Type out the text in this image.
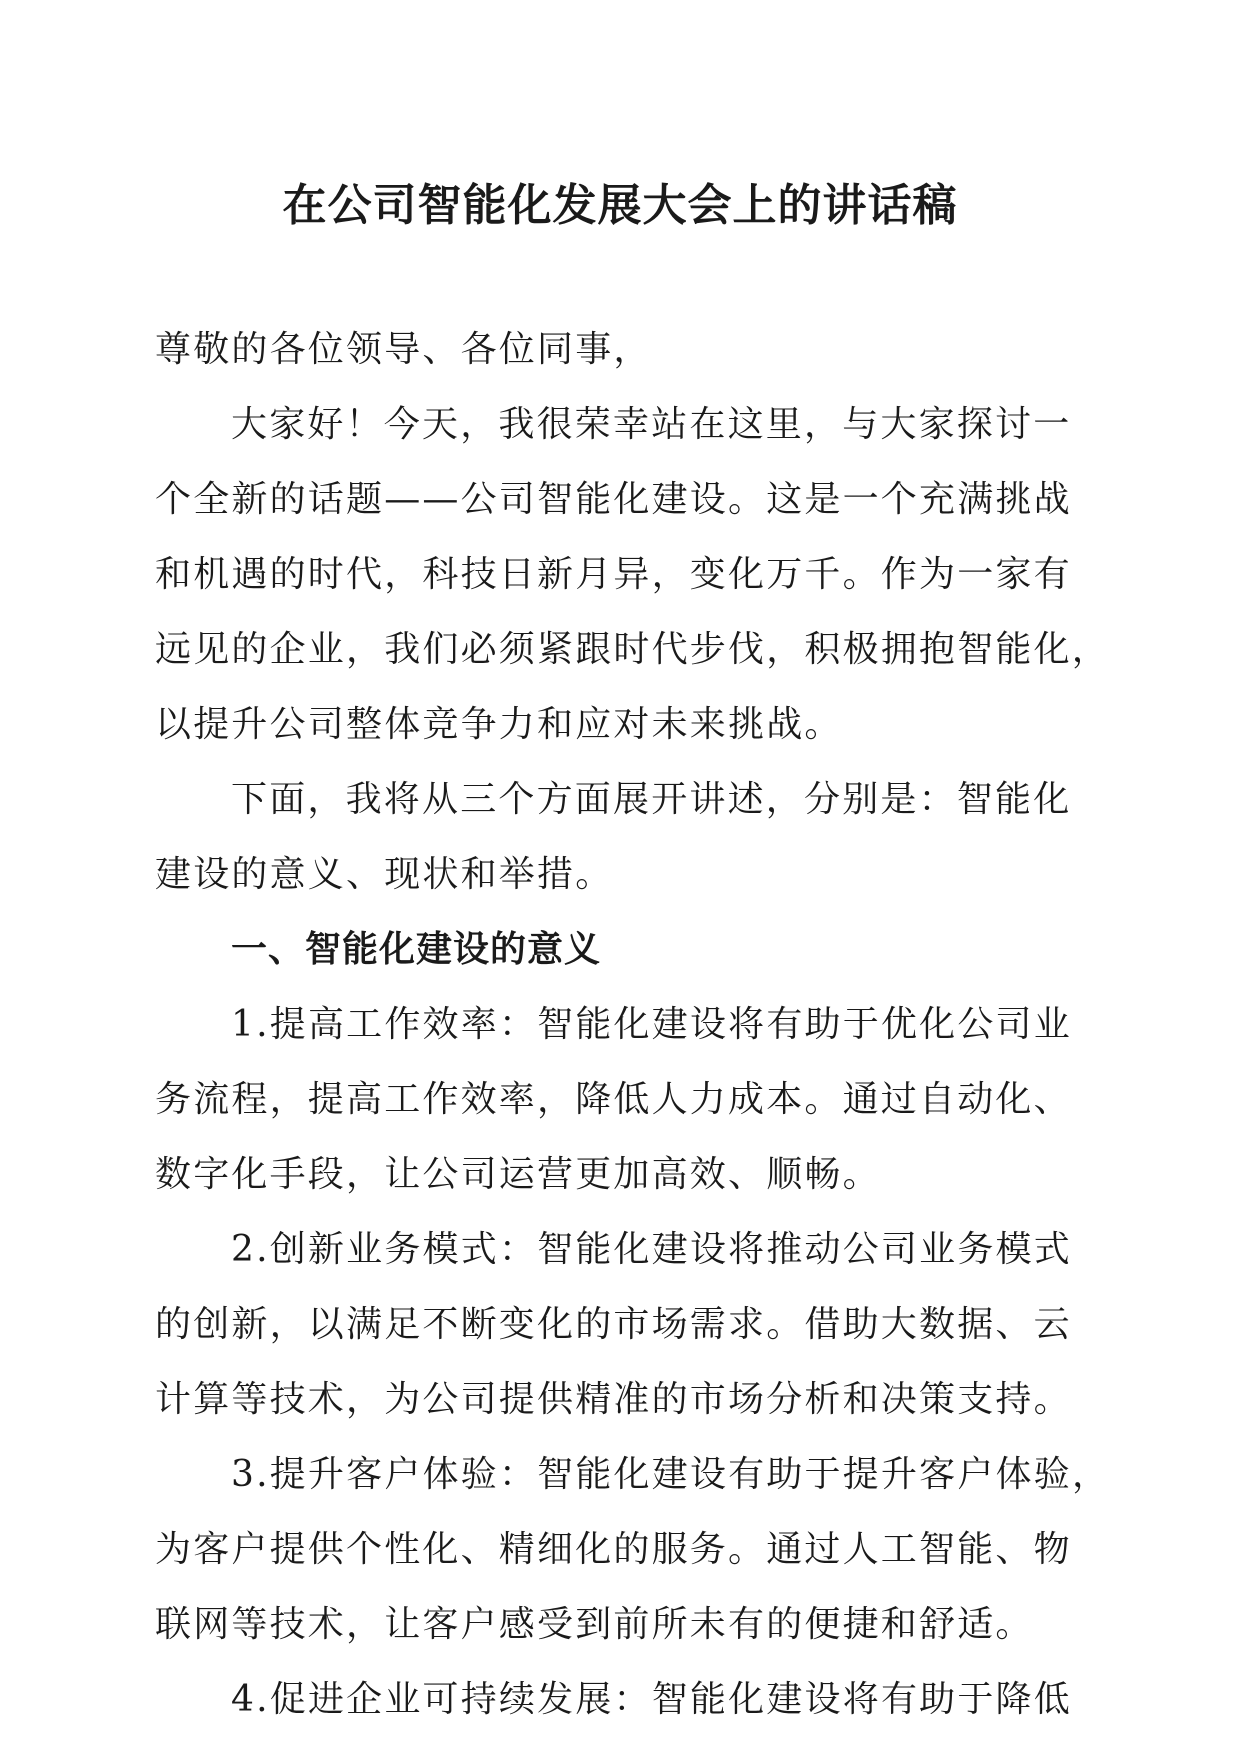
在公司智能化发展大会上的讲话稿
尊敬的各位领导、各位同事，
大家好！今天，我很荣幸站在这里，与大家探讨一
个全新的话题——公司智能化建设。这是一个充满挑战
和机遇的时代，科技日新月异，变化万千。作为一家有
远见的企业，我们必须紧跟时代步伐，积极拥抱智能化，
以提升公司整体竞争力和应对未来挑战。
下面，我将从三个方面展开讲述，分别是：智能化
建设的意义、现状和举措。
一、智能化建设的意义
1.提高工作效率：智能化建设将有助于优化公司业
务流程，提高工作效率，降低人力成本。通过自动化、
数字化手段，让公司运营更加高效、顺畅。
2.创新业务模式：智能化建设将推动公司业务模式
的创新，以满足不断变化的市场需求。借助大数据、云
计算等技术，为公司提供精准的市场分析和决策支持。
3.提升客户体验：智能化建设有助于提升客户体验，
为客户提供个性化、精细化的服务。通过人工智能、物
联网等技术，让客户感受到前所未有的便捷和舒适。
4.促进企业可持续发展：智能化建设将有助于降低
